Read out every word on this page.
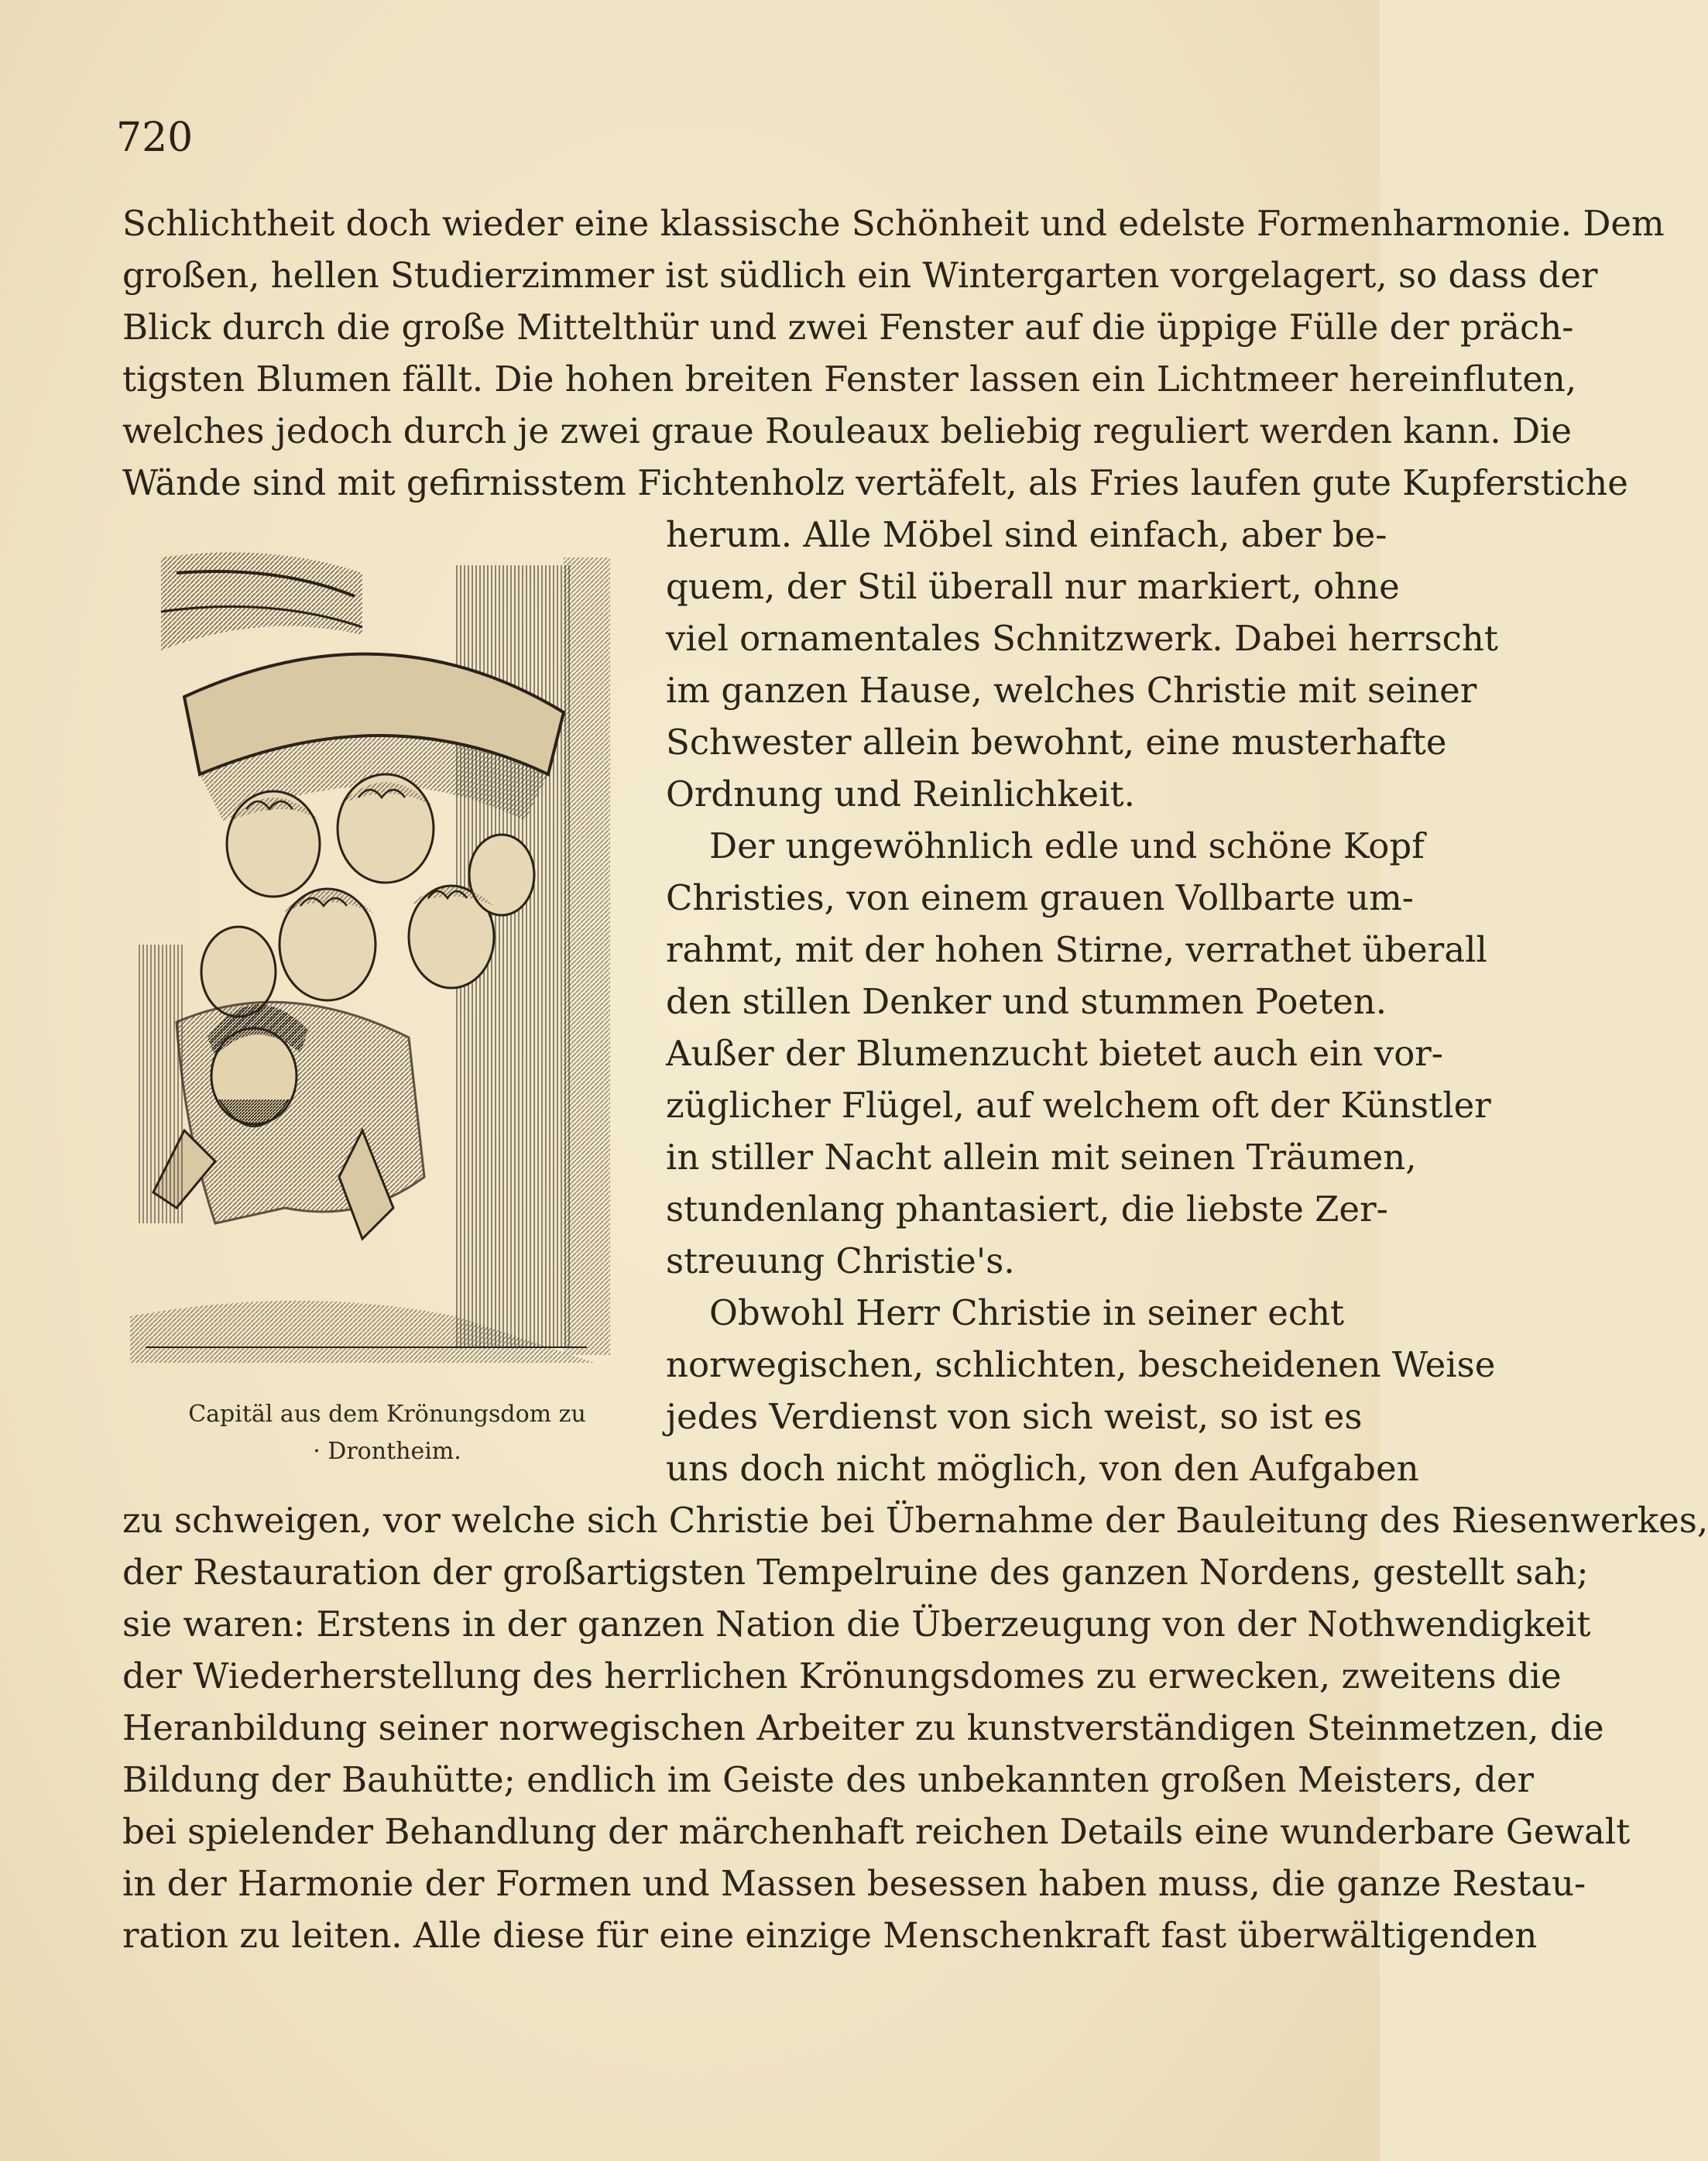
720
Capitäl aus dem Krönungsdom zu
· Drontheim.
Schlichtheit doch wieder eine klassische Schönheit und edelste Formenharmonie. Dem
großen, hellen Studierzimmer ist südlich ein Wintergarten vorgelagert, so dass der
Blick durch die große Mittelthür und zwei Fenster auf die üppige Fülle der präch-
tigsten Blumen fällt. Die hohen breiten Fenster lassen ein Lichtmeer hereinfluten,
welches jedoch durch je zwei graue Rouleaux beliebig reguliert werden kann. Die
Wände sind mit gefirnisstem Fichtenholz vertäfelt, als Fries laufen gute Kupferstiche
herum. Alle Möbel sind einfach, aber be-
quem, der Stil überall nur markiert, ohne
viel ornamentales Schnitzwerk. Dabei herrscht
im ganzen Hause, welches Christie mit seiner
Schwester allein bewohnt, eine musterhafte
Ordnung und Reinlichkeit.
Der ungewöhnlich edle und schöne Kopf
Christies, von einem grauen Vollbarte um-
rahmt, mit der hohen Stirne, verrathet überall
den stillen Denker und stummen Poeten.
Außer der Blumenzucht bietet auch ein vor-
züglicher Flügel, auf welchem oft der Künstler
in stiller Nacht allein mit seinen Träumen,
stundenlang phantasiert, die liebste Zer-
streuung Christie's.
Obwohl Herr Christie in seiner echt
norwegischen, schlichten, bescheidenen Weise
jedes Verdienst von sich weist, so ist es
uns doch nicht möglich, von den Aufgaben
zu schweigen, vor welche sich Christie bei Übernahme der Bauleitung des Riesenwerkes,
der Restauration der großartigsten Tempelruine des ganzen Nordens, gestellt sah;
sie waren: Erstens in der ganzen Nation die Überzeugung von der Nothwendigkeit
der Wiederherstellung des herrlichen Krönungsdomes zu erwecken, zweitens die
Heranbildung seiner norwegischen Arbeiter zu kunstverständigen Steinmetzen, die
Bildung der Bauhütte; endlich im Geiste des unbekannten großen Meisters, der
bei spielender Behandlung der märchenhaft reichen Details eine wunderbare Gewalt
in der Harmonie der Formen und Massen besessen haben muss, die ganze Restau-
ration zu leiten. Alle diese für eine einzige Menschenkraft fast überwältigenden
